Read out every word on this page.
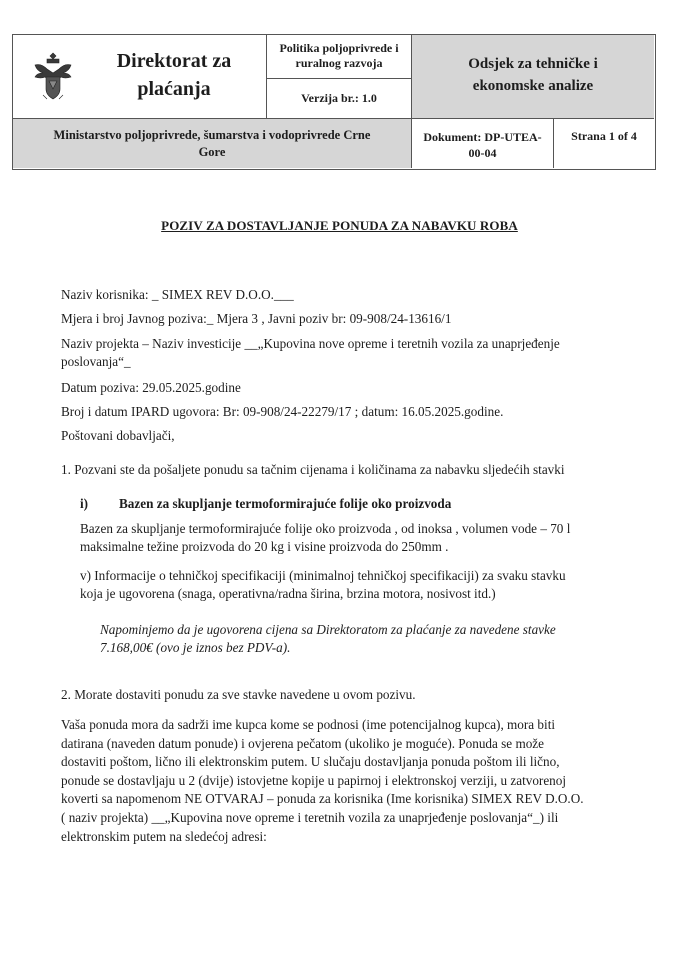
Direktorat za
plaćanja
Politika poljoprivrede i
ruralnog razvoja
Verzija br.: 1.0
Odsjek za tehničke i
ekonomske analize
Ministarstvo poljoprivrede, šumarstva i vodoprivrede Crne
Gore
Dokument: DP-UTEA-
00-04
Strana 1 of 4
POZIV ZA DOSTAVLJANJE PONUDA ZA NABAVKU ROBA
Naziv korisnika: _ SIMEX REV D.O.O.___
Mjera i broj Javnog poziva:_ Mjera 3 , Javni poziv br: 09-908/24-13616/1
Naziv projekta – Naziv investicije __„Kupovina nove opreme i teretnih vozila za unaprjeđenje
poslovanja“_
Datum poziva: 29.05.2025.godine
Broj i datum IPARD ugovora: Br: 09-908/24-22279/17 ; datum: 16.05.2025.godine.
Poštovani dobavljači,
1. Pozvani ste da pošaljete ponudu sa tačnim cijenama i količinama za nabavku sljedećih stavki
i) Bazen za skupljanje termoformirajuće folije oko proizvoda
Bazen za skupljanje termoformirajuće folije oko proizvoda , od inoksa , volumen vode – 70 l
maksimalne težine proizvoda do 20 kg i visine proizvoda do 250mm .
v) Informacije o tehničkoj specifikaciji (minimalnoj tehničkoj specifikaciji) za svaku stavku
koja je ugovorena (snaga, operativna/radna širina, brzina motora, nosivost itd.)
Napominjemo da je ugovorena cijena sa Direktoratom za plaćanje za navedene stavke
7.168,00€ (ovo je iznos bez PDV-a).
2. Morate dostaviti ponudu za sve stavke navedene u ovom pozivu.
Vaša ponuda mora da sadrži ime kupca kome se podnosi (ime potencijalnog kupca), mora biti
datirana (naveden datum ponude) i ovjerena pečatom (ukoliko je moguće). Ponuda se može
dostaviti poštom, lično ili elektronskim putem. U slučaju dostavljanja ponuda poštom ili lično,
ponude se dostavljaju u 2 (dvije) istovjetne kopije u papirnoj i elektronskoj verziji, u zatvorenoj
koverti sa napomenom NE OTVARAJ – ponuda za korisnika (Ime korisnika) SIMEX REV D.O.O.
( naziv projekta) __„Kupovina nove opreme i teretnih vozila za unaprjeđenje poslovanja“_) ili
elektronskim putem na sledećoj adresi:
